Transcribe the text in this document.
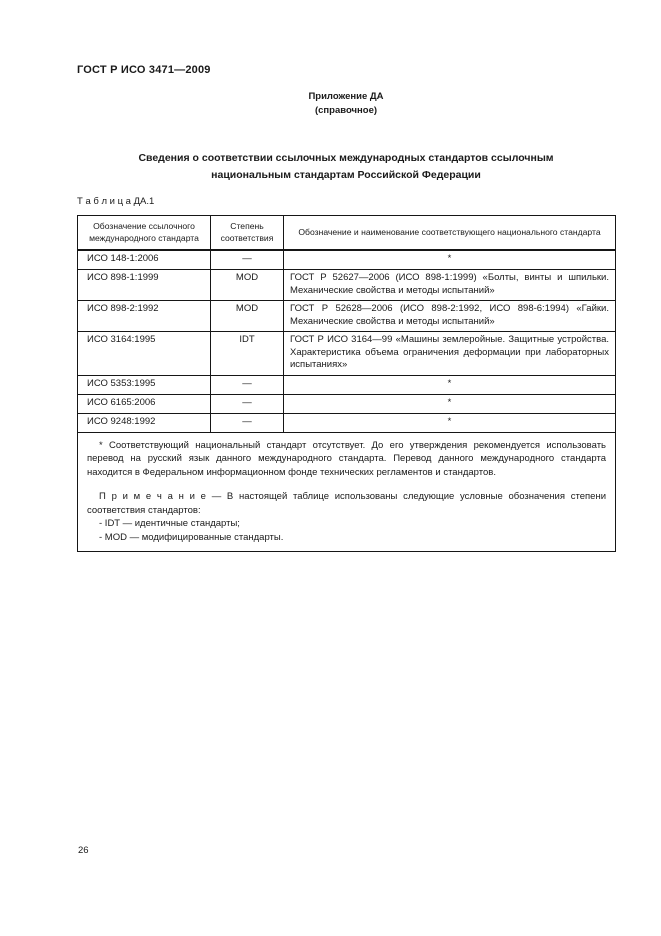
ГОСТ Р ИСО 3471—2009
Приложение ДА
(справочное)
Сведения о соответствии ссылочных международных стандартов ссылочным
национальным стандартам Российской Федерации
Т а б л и ц а ДА.1
Обозначение ссылочного международного стандарта	Степень соответствия	Обозначение и наименование соответствующего национального стандарта
ИСО 148-1:2006	—	*
ИСО 898-1:1999	MOD	ГОСТ Р 52627—2006 (ИСО 898-1:1999) «Болты, винты и шпильки. Механические свойства и методы испытаний»
ИСО 898-2:1992	MOD	ГОСТ Р 52628—2006 (ИСО 898-2:1992, ИСО 898-6:1994) «Гайки. Механические свойства и методы испытаний»
ИСО 3164:1995	IDT	ГОСТ Р ИСО 3164—99 «Машины землеройные. Защитные устройства. Характеристика объема ограничения деформации при лабораторных испытаниях»
ИСО 5353:1995	—	*
ИСО 6165:2006	—	*
ИСО 9248:1992	—	*

* Соответствующий национальный стандарт отсутствует. До его утверждения рекомендуется использовать перевод на русский язык данного международного стандарта. Перевод данного международного стандарта находится в Федеральном информационном фонде технических регламентов и стандартов.

П р и м е ч а н и е — В настоящей таблице использованы следующие условные обозначения степени соответствия стандартов:

- IDT — идентичные стандарты;
- MOD — модифицированные стандарты.		
26
